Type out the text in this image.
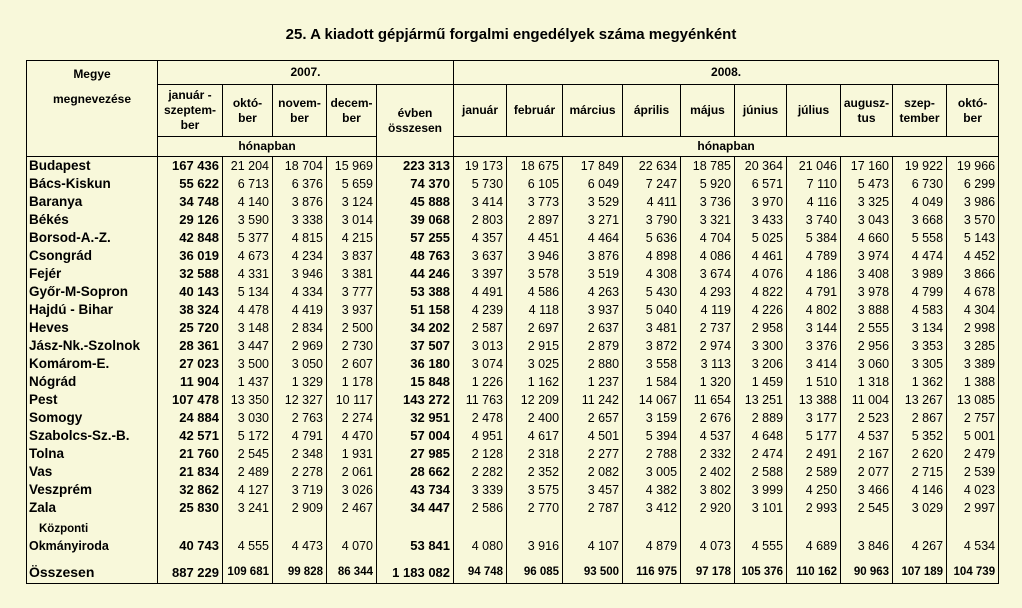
25. A kiadott gépjármű forgalmi engedélyek száma megyénként
Megye
megnevezése	2007.					2008.									
	január - szeptem- ber	októ- ber	novem- ber	decem- ber	évben összesen	január	február	március	április	május	június	július	augusz- tus	szep- tember	októ- ber
	hónapban					hónapban									
Budapest	167 436	21 204	18 704	15 969	223 313	19 173	18 675	17 849	22 634	18 785	20 364	21 046	17 160	19 922	19 966
Bács-Kiskun	55 622	6 713	6 376	5 659	74 370	5 730	6 105	6 049	7 247	5 920	6 571	7 110	5 473	6 730	6 299
Baranya	34 748	4 140	3 876	3 124	45 888	3 414	3 773	3 529	4 411	3 736	3 970	4 116	3 325	4 049	3 986
Békés	29 126	3 590	3 338	3 014	39 068	2 803	2 897	3 271	3 790	3 321	3 433	3 740	3 043	3 668	3 570
Borsod-A.-Z.	42 848	5 377	4 815	4 215	57 255	4 357	4 451	4 464	5 636	4 704	5 025	5 384	4 660	5 558	5 143
Csongrád	36 019	4 673	4 234	3 837	48 763	3 637	3 946	3 876	4 898	4 086	4 461	4 789	3 974	4 474	4 452
Fejér	32 588	4 331	3 946	3 381	44 246	3 397	3 578	3 519	4 308	3 674	4 076	4 186	3 408	3 989	3 866
Győr-M-Sopron	40 143	5 134	4 334	3 777	53 388	4 491	4 586	4 263	5 430	4 293	4 822	4 791	3 978	4 799	4 678
Hajdú - Bihar	38 324	4 478	4 419	3 937	51 158	4 239	4 118	3 937	5 040	4 119	4 226	4 802	3 888	4 583	4 304
Heves	25 720	3 148	2 834	2 500	34 202	2 587	2 697	2 637	3 481	2 737	2 958	3 144	2 555	3 134	2 998
Jász-Nk.-Szolnok	28 361	3 447	2 969	2 730	37 507	3 013	2 915	2 879	3 872	2 974	3 300	3 376	2 956	3 353	3 285
Komárom-E.	27 023	3 500	3 050	2 607	36 180	3 074	3 025	2 880	3 558	3 113	3 206	3 414	3 060	3 305	3 389
Nógrád	11 904	1 437	1 329	1 178	15 848	1 226	1 162	1 237	1 584	1 320	1 459	1 510	1 318	1 362	1 388
Pest	107 478	13 350	12 327	10 117	143 272	11 763	12 209	11 242	14 067	11 654	13 251	13 388	11 004	13 267	13 085
Somogy	24 884	3 030	2 763	2 274	32 951	2 478	2 400	2 657	3 159	2 676	2 889	3 177	2 523	2 867	2 757
Szabolcs-Sz.-B.	42 571	5 172	4 791	4 470	57 004	4 951	4 617	4 501	5 394	4 537	4 648	5 177	4 537	5 352	5 001
Tolna	21 760	2 545	2 348	1 931	27 985	2 128	2 318	2 277	2 788	2 332	2 474	2 491	2 167	2 620	2 479
Vas	21 834	2 489	2 278	2 061	28 662	2 282	2 352	2 082	3 005	2 402	2 588	2 589	2 077	2 715	2 539
Veszprém	32 862	4 127	3 719	3 026	43 734	3 339	3 575	3 457	4 382	3 802	3 999	4 250	3 466	4 146	4 023
Zala	25 830	3 241	2 909	2 467	34 447	2 586	2 770	2 787	3 412	2 920	3 101	2 993	2 545	3 029	2 997

Központi
Okmányiroda	40 743	4 555	4 473	4 070	53 841	4 080	3 916	4 107	4 879	4 073	4 555	4 689	3 846	4 267	4 534

Összesen	887 229	109 681	99 828	86 344	1 183 082	94 748	96 085	93 500	116 975	97 178	105 376	110 162	90 963	107 189	104 739
